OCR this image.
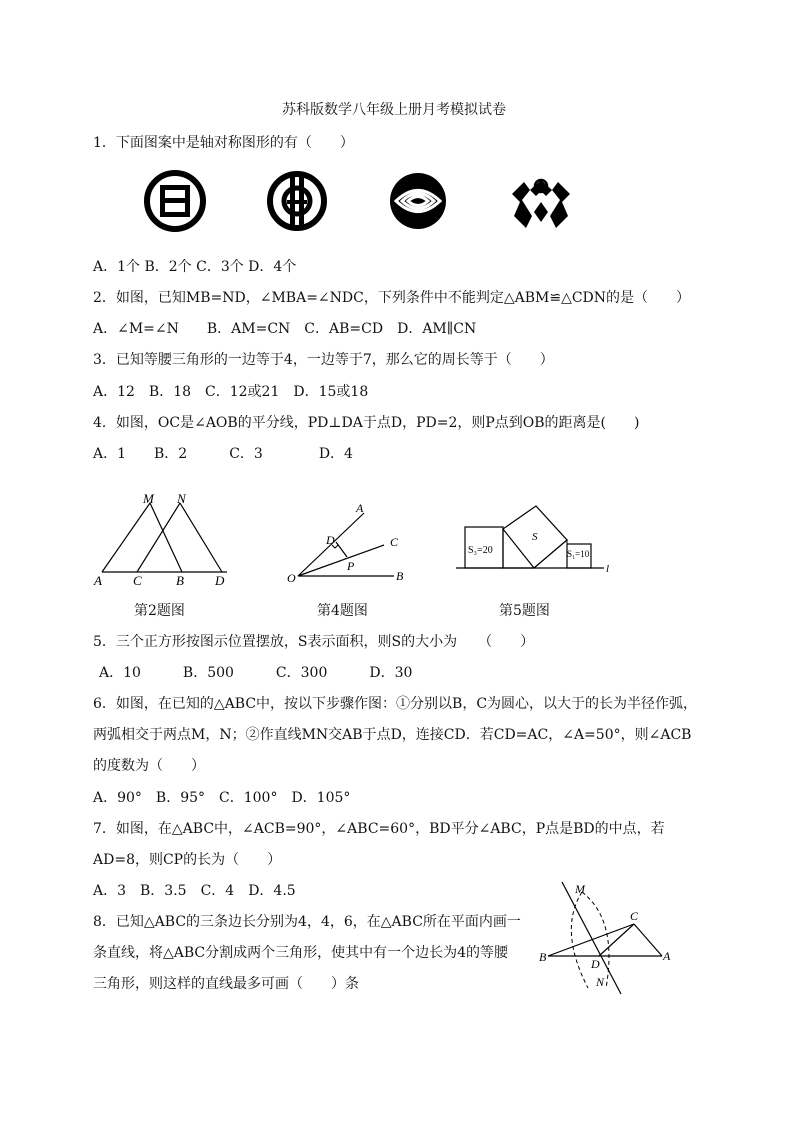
苏科版数学八年级上册月考模拟试卷
1．下面图案中是轴对称图形的有（　　）
A．1个 B．2个 C．3个 D．4个
2．如图，已知MB=ND，∠MBA=∠NDC，下列条件中不能判定△ABM≌△CDN的是（　　）
A．∠M=∠N　　B．AM=CN　C．AB=CD　D．AM∥CN
3．已知等腰三角形的一边等于4，一边等于7，那么它的周长等于（　　）
A．12　B．18　C．12或21　D．15或18
4．如图，OC是∠AOB的平分线，PD⊥DA于点D，PD=2，则P点到OB的距离是(　　)
A．1　　B．2　　　C．3　　　　D．4
M N
A C	B D
A
D	C
P
O	B
S
S₃=20	S₁=10
l
第2题图	第4题图	第5题图
5．三个正方形按图示位置摆放，S表示面积，则S的大小为　　（　　）
A．10　　　B．500　　　C．300　　　D．30
6．如图，在已知的△ABC中，按以下步骤作图：①分别以B，C为圆心，以大于的长为半径作弧，
两弧相交于两点M，N；②作直线MN交AB于点D，连接CD．若CD=AC，∠A=50°，则∠ACB
的度数为（　　）
A．90°　B．95°　C．100°　D．105°
7．如图，在△ABC中，∠ACB=90°，∠ABC=60°，BD平分∠ABC，P点是BD的中点，若
AD=8，则CP的长为（　　）
A．3　B．3.5　C．4　D．4.5
8．已知△ABC的三条边长分别为4，4，6，在△ABC所在平面内画一
条直线，将△ABC分割成两个三角形，使其中有一个边长为4的等腰
三角形，则这样的直线最多可画（　　）条
M
C
B	D
A
N
